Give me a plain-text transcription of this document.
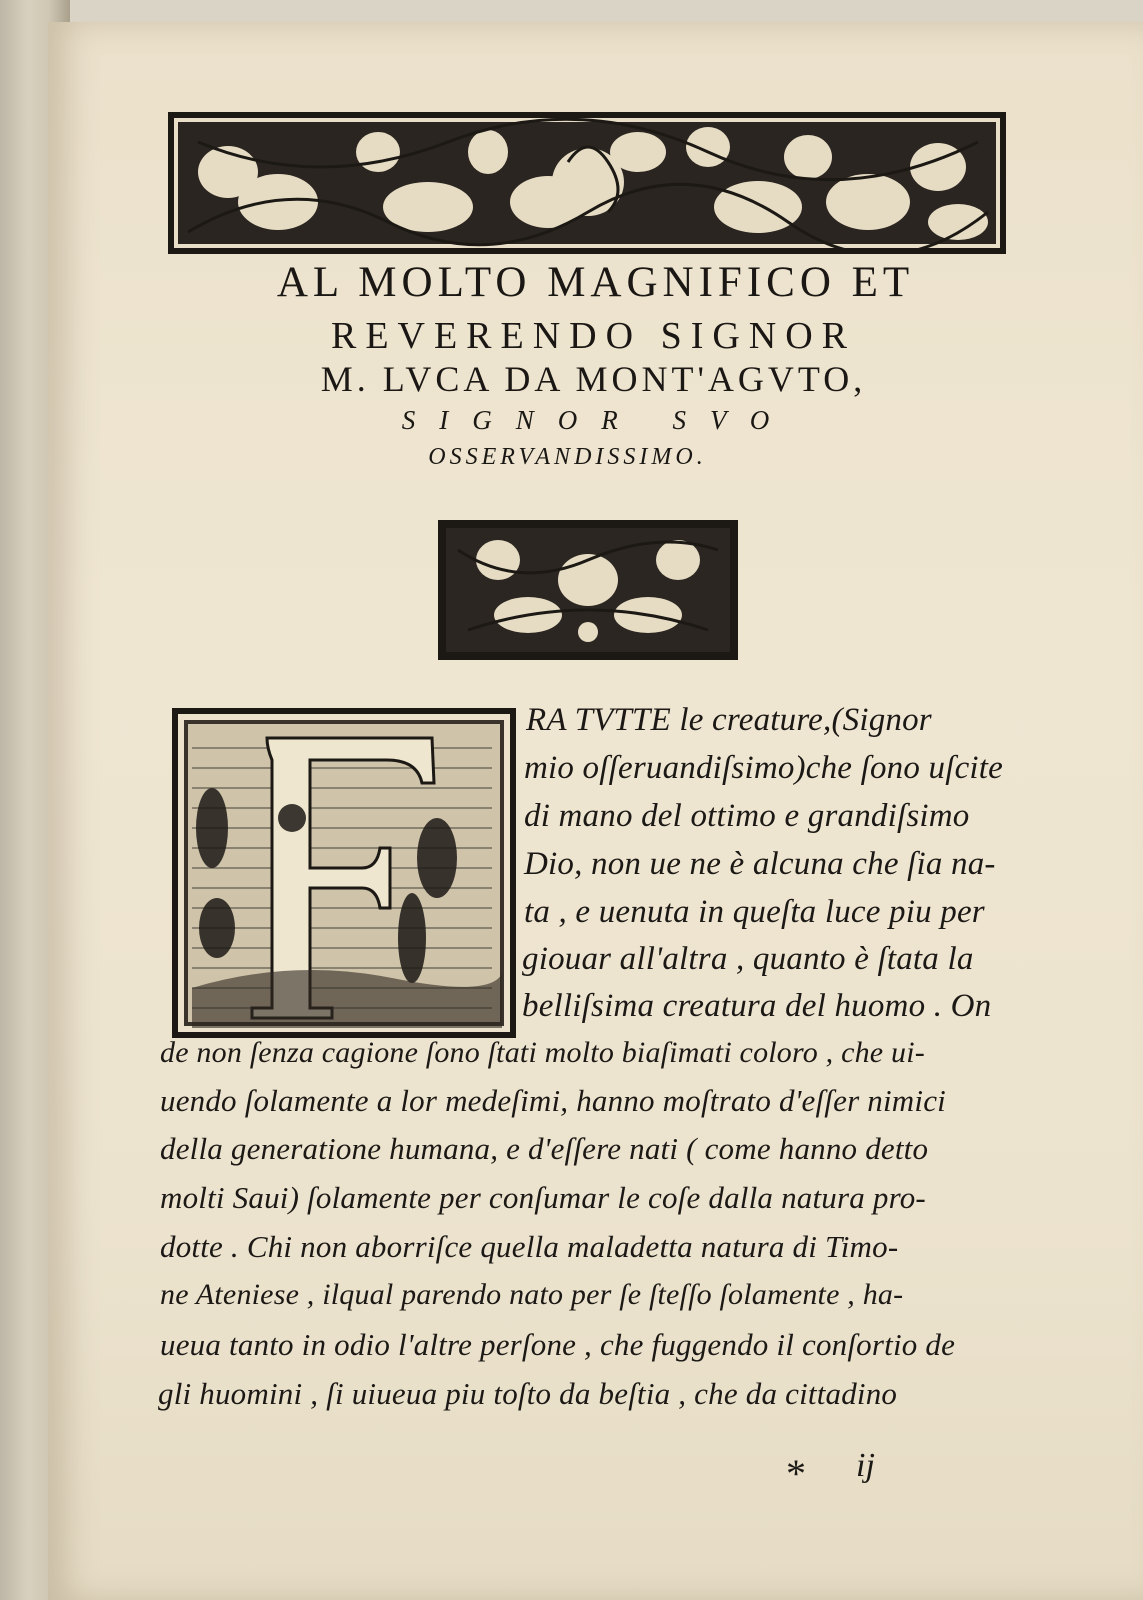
AL MOLTO MAGNIFICO ET
REVERENDO SIGNOR
M. LVCA DA MONT'AGVTO,
SIGNOR SVO
OSSERVANDISSIMO.
RA TVTTE le creature,(Signor
mio oſſeruandiſsimo)che ſono uſcite
di mano del ottimo e grandiſsimo
Dio, non ue ne è alcuna che ſia na-
ta , e uenuta in queſta luce piu per
giouar all'altra , quanto è ſtata la
belliſsima creatura del huomo . On
de non ſenza cagione ſono ſtati molto biaſimati coloro , che ui-
uendo ſolamente a lor medeſimi, hanno moſtrato d'eſſer nimici
della generatione humana, e d'eſſere nati ( come hanno detto
molti Saui) ſolamente per conſumar le coſe dalla natura pro-
dotte . Chi non aborriſce quella maladetta natura di Timo-
ne Ateniese , ilqual parendo nato per ſe ſteſſo ſolamente , ha-
ueua tanto in odio l'altre perſone , che fuggendo il conſortio de
gli huomini , ſi uiueua piu toſto da beſtia , che da cittadino
* ij
